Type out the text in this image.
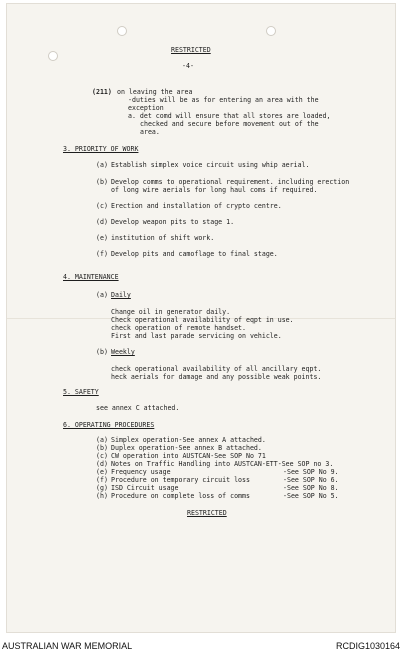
RESTRICTED
-4-
(211) on leaving the area
-duties will be as for entering an area with the
exception
a. det comd will ensure that all stores are loaded,
checked and secure before movement out of the
area.
3. PRIORITY OF WORK
(a) Establish simplex voice circuit using whip aerial.
(b) Develop comms to operational requirement. including erection
of long wire aerials for long haul coms if required.
(c) Erection and installation of crypto centre.
(d) Develop weapon pits to stage 1.
(e) institution of shift work.
(f) Develop pits and camoflage to final stage.
4. MAINTENANCE
(a) Daily
Change oil in generator daily.
Check operational availability of eqpt in use.
check operation of remote handset.
First and last parade servicing on vehicle.
(b) Weekly
check operational availability of all ancillary eqpt.
heck aerials for damage and any possible weak points.
5. SAFETY
see annex C attached.
6. OPERATING PROCEDURES
(a) Simplex operation-See annex A attached.
(b) Duplex operation-See annex B attached.
(c) CW operation into AUSTCAN-See SOP No 71
(d) Notes on Traffic Handling into AUSTCAN-ETT-See SOP no 3.
(e) Frequency usage	-See SOP No 9.
(f) Procedure on temporary circuit loss	-See SOP No 6.
(g) ISD Circuit usage	-See SOP No 8.
(h) Procedure on complete loss of comms	-See SOP No 5.
RESTRICTED
AUSTRALIAN WAR MEMORIAL	RCDIG1030164
